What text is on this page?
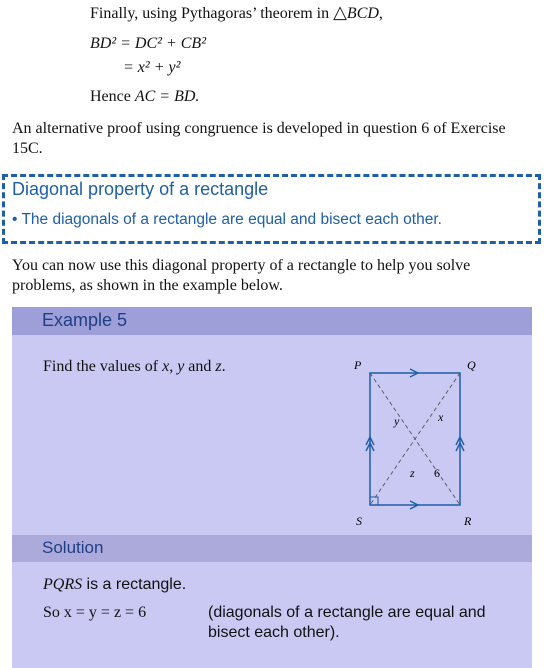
Finally, using Pythagoras’ theorem in △BCD,
BD² = DC² + CB²
= x² + y²
Hence AC = BD.
An alternative proof using congruence is developed in question 6 of Exercise 15C.
Diagonal property of a rectangle
• The diagonals of a rectangle are equal and bisect each other.
You can now use this diagonal property of a rectangle to help you solve problems, as shown in the example below.
Example 5
Find the values of x, y and z.	P	Q
R
S
y	x
z 6
Solution
PQRS is a rectangle.
So x = y = z = 6	(diagonals of a rectangle are equal and bisect each other).
